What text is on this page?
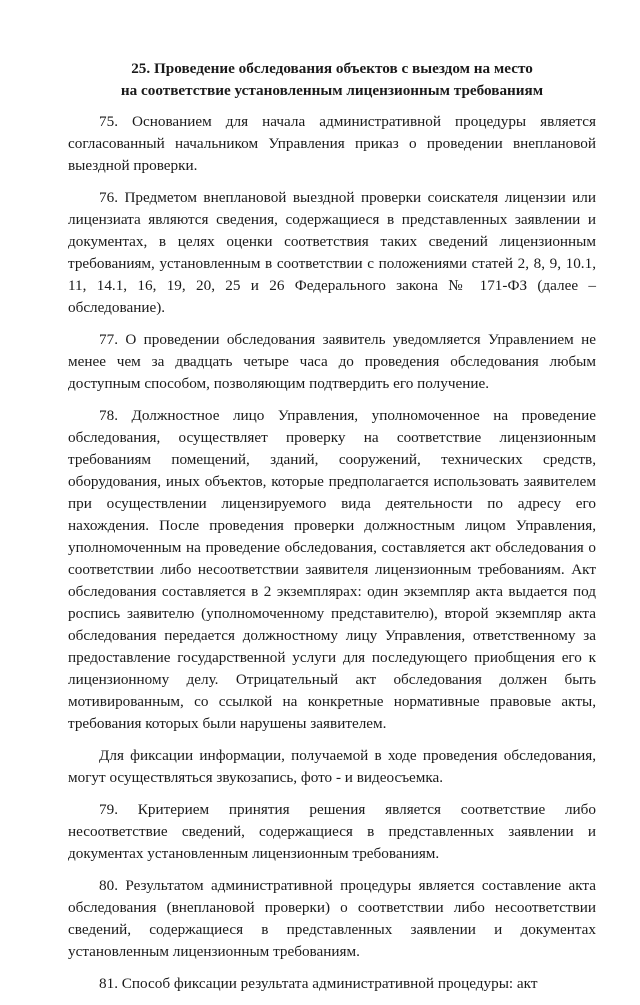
25. Проведение обследования объектов с выездом на место
на соответствие установленным лицензионным требованиям

75. Основанием для начала административной процедуры является согласованный начальником Управления приказ о проведении внеплановой выездной проверки.

76. Предметом внеплановой выездной проверки соискателя лицензии или лицензиата являются сведения, содержащиеся в представленных заявлении и документах, в целях оценки соответствия таких сведений лицензионным требованиям, установленным в соответствии с положениями статей 2, 8, 9, 10.1, 11, 14.1, 16, 19, 20, 25 и 26 Федерального закона № 171-ФЗ (далее – обследование).

77. О проведении обследования заявитель уведомляется Управлением не менее чем за двадцать четыре часа до проведения обследования любым доступным способом, позволяющим подтвердить его получение.

78. Должностное лицо Управления, уполномоченное на проведение обследования, осуществляет проверку на соответствие лицензионным требованиям помещений, зданий, сооружений, технических средств, оборудования, иных объектов, которые предполагается использовать заявителем при осуществлении лицензируемого вида деятельности по адресу его нахождения. После проведения проверки должностным лицом Управления, уполномоченным на проведение обследования, составляется акт обследования о соответствии либо несоответствии заявителя лицензионным требованиям. Акт обследования составляется в 2 экземплярах: один экземпляр акта выдается под роспись заявителю (уполномоченному представителю), второй экземпляр акта обследования передается должностному лицу Управления, ответственному за предоставление государственной услуги для последующего приобщения его к лицензионному делу. Отрицательный акт обследования должен быть мотивированным, со ссылкой на конкретные нормативные правовые акты, требования которых были нарушены заявителем.

Для фиксации информации, получаемой в ходе проведения обследования, могут осуществляться звукозапись, фото - и видеосъемка.

79. Критерием принятия решения является соответствие либо несоответствие сведений, содержащиеся в представленных заявлении и документах установленным лицензионным требованиям.

80. Результатом административной процедуры является составление акта обследования (внеплановой проверки) о соответствии либо несоответствии сведений, содержащиеся в представленных заявлении и документах установленным лицензионным требованиям.

81. Способ фиксации результата административной процедуры: акт
